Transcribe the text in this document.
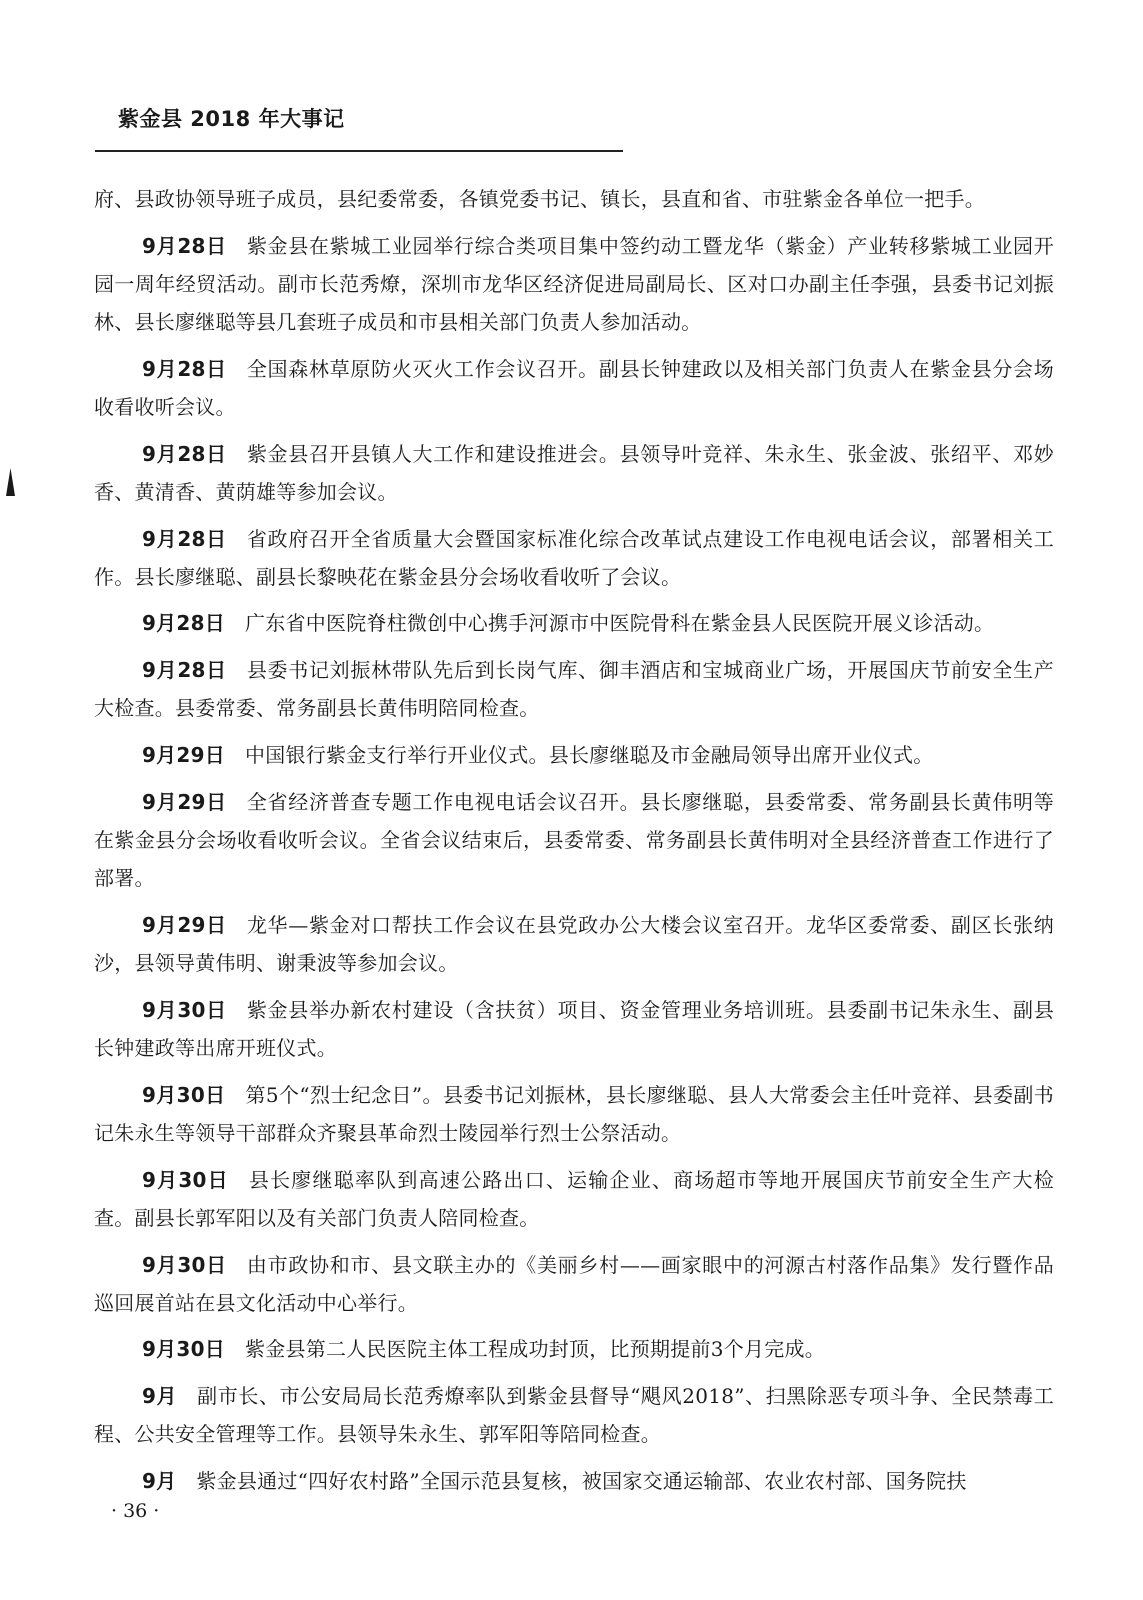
紫金县 2018 年大事记

府、县政协领导班子成员，县纪委常委，各镇党委书记、镇长，县直和省、市驻紫金各单位一把手。

9月28日 紫金县在紫城工业园举行综合类项目集中签约动工暨龙华（紫金）产业转移紫城工业园开园一周年经贸活动。副市长范秀燎，深圳市龙华区经济促进局副局长、区对口办副主任李强，县委书记刘振林、县长廖继聪等县几套班子成员和市县相关部门负责人参加活动。

9月28日 全国森林草原防火灭火工作会议召开。副县长钟建政以及相关部门负责人在紫金县分会场收看收听会议。

9月28日 紫金县召开县镇人大工作和建设推进会。县领导叶竞祥、朱永生、张金波、张绍平、邓妙香、黄清香、黄荫雄等参加会议。

9月28日 省政府召开全省质量大会暨国家标准化综合改革试点建设工作电视电话会议，部署相关工作。县长廖继聪、副县长黎映花在紫金县分会场收看收听了会议。

9月28日 广东省中医院脊柱微创中心携手河源市中医院骨科在紫金县人民医院开展义诊活动。

9月28日 县委书记刘振林带队先后到长岗气库、御丰酒店和宝城商业广场，开展国庆节前安全生产大检查。县委常委、常务副县长黄伟明陪同检查。

9月29日 中国银行紫金支行举行开业仪式。县长廖继聪及市金融局领导出席开业仪式。

9月29日 全省经济普查专题工作电视电话会议召开。县长廖继聪，县委常委、常务副县长黄伟明等在紫金县分会场收看收听会议。全省会议结束后，县委常委、常务副县长黄伟明对全县经济普查工作进行了部署。

9月29日 龙华—紫金对口帮扶工作会议在县党政办公大楼会议室召开。龙华区委常委、副区长张纳沙，县领导黄伟明、谢秉波等参加会议。

9月30日 紫金县举办新农村建设（含扶贫）项目、资金管理业务培训班。县委副书记朱永生、副县长钟建政等出席开班仪式。

9月30日 第5个“烈士纪念日”。县委书记刘振林，县长廖继聪、县人大常委会主任叶竞祥、县委副书记朱永生等领导干部群众齐聚县革命烈士陵园举行烈士公祭活动。

9月30日 县长廖继聪率队到高速公路出口、运输企业、商场超市等地开展国庆节前安全生产大检查。副县长郭军阳以及有关部门负责人陪同检查。

9月30日 由市政协和市、县文联主办的《美丽乡村——画家眼中的河源古村落作品集》发行暨作品巡回展首站在县文化活动中心举行。

9月30日 紫金县第二人民医院主体工程成功封顶，比预期提前3个月完成。

9月 副市长、市公安局局长范秀燎率队到紫金县督导“飓风2018”、扫黑除恶专项斗争、全民禁毒工程、公共安全管理等工作。县领导朱永生、郭军阳等陪同检查。

9月 紫金县通过“四好农村路”全国示范县复核，被国家交通运输部、农业农村部、国务院扶

· 36 ·
